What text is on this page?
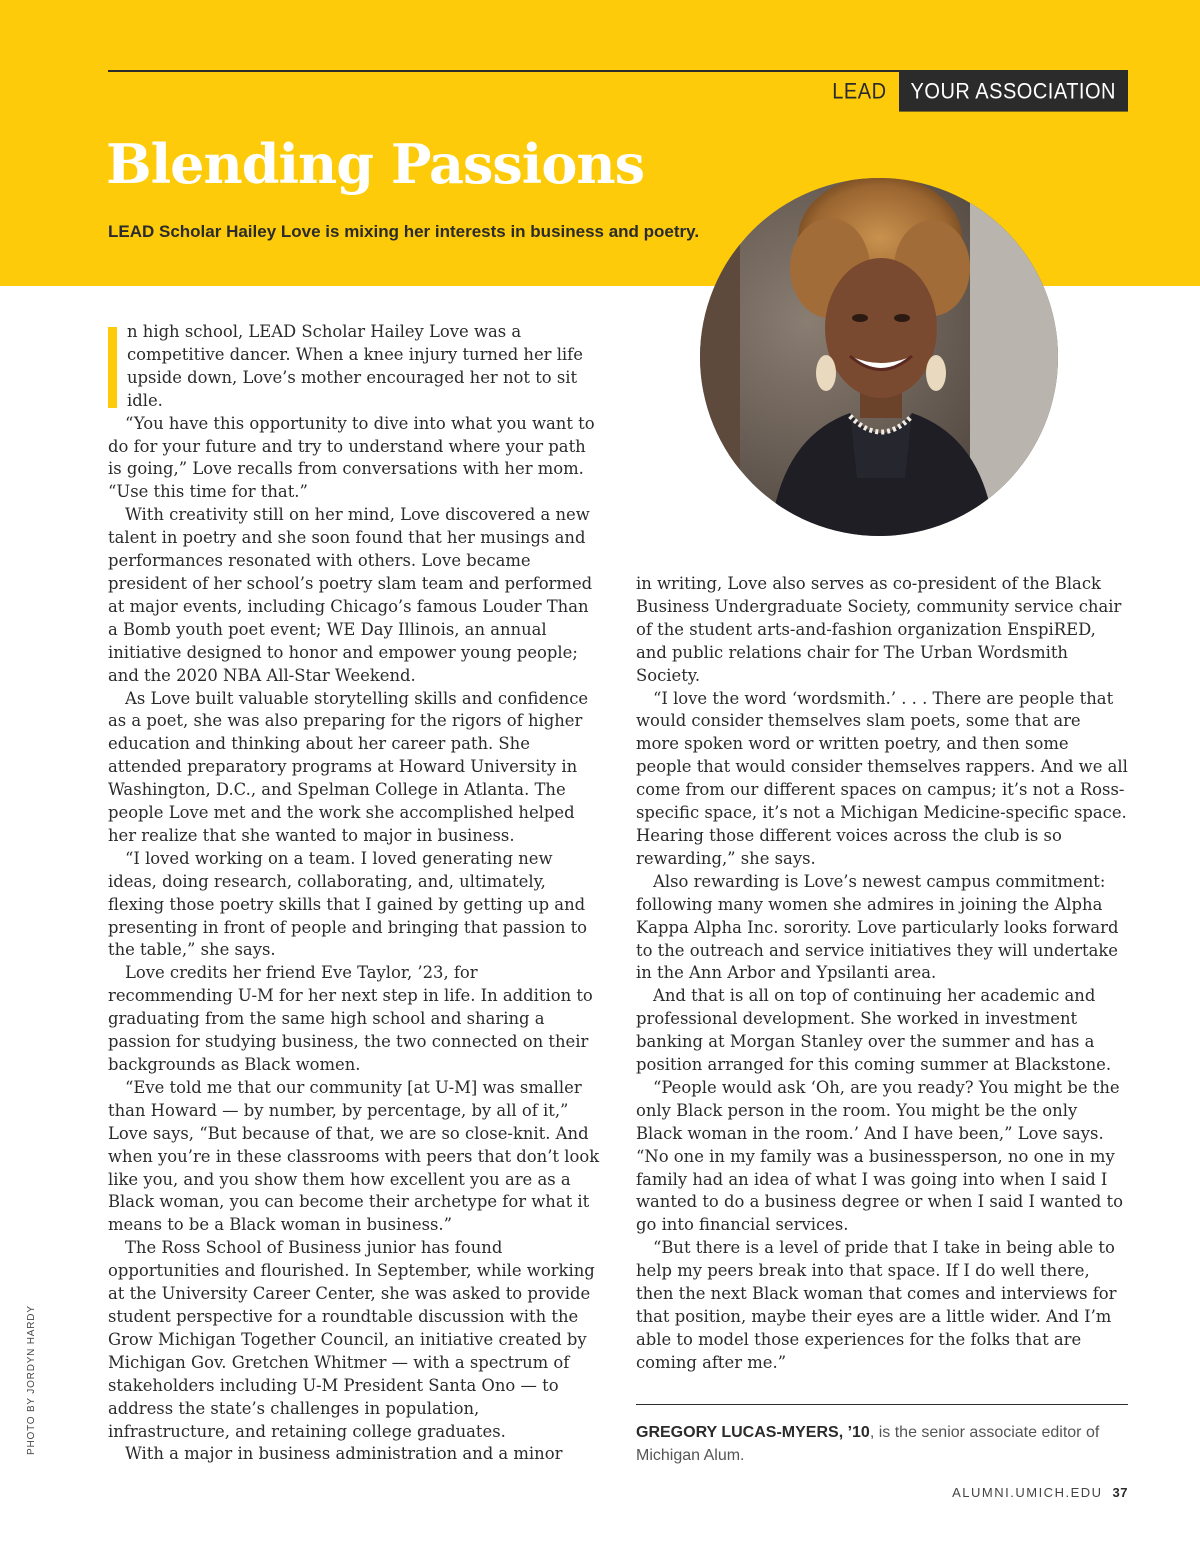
LEAD	YOUR ASSOCIATION
Blending Passions

LEAD Scholar Hailey Love is mixing her interests in business and poetry.

n high school, LEAD Scholar Hailey Love was a competitive dancer. When a knee injury turned her life upside down, Love’s mother encouraged her not to sit idle.

“You have this opportunity to dive into what you want to do for your future and try to understand where your path is going,” Love recalls from conversations with her mom. “Use this time for that.”

With creativity still on her mind, Love discovered a new talent in poetry and she soon found that her musings and performances resonated with others. Love became president of her school’s poetry slam team and performed at major events, including Chicago’s famous Louder Than a Bomb youth poet event; WE Day Illinois, an annual initiative designed to honor and empower young people; and the 2020 NBA All-Star Weekend.

As Love built valuable storytelling skills and confidence as a poet, she was also preparing for the rigors of higher education and thinking about her career path. She attended preparatory programs at Howard University in Washington, D.C., and Spelman College in Atlanta. The people Love met and the work she accomplished helped her realize that she wanted to major in business.

“I loved working on a team. I loved generating new ideas, doing research, collaborating, and, ultimately, flexing those poetry skills that I gained by getting up and presenting in front of people and bringing that passion to the table,” she says.

Love credits her friend Eve Taylor, ’23, for recommending U-M for her next step in life. In addition to graduating from the same high school and sharing a passion for studying business, the two connected on their backgrounds as Black women.

“Eve told me that our community [at U-M] was smaller than Howard — by number, by percentage, by all of it,” Love says, “But because of that, we are so close-knit. And when you’re in these classrooms with peers that don’t look like you, and you show them how excellent you are as a Black woman, you can become their archetype for what it means to be a Black woman in business.”

The Ross School of Business junior has found opportunities and flourished. In September, while working at the University Career Center, she was asked to provide student perspective for a roundtable discussion with the Grow Michigan Together Council, an initiative created by Michigan Gov. Gretchen Whitmer — with a spectrum of stakeholders including U-M President Santa Ono — to address the state’s challenges in population, infrastructure, and retaining college graduates.

With a major in business administration and a minor

in writing, Love also serves as co-president of the Black Business Undergraduate Society, community service chair of the student arts-and-fashion organization EnspiRED, and public relations chair for The Urban Wordsmith Society.

“I love the word ‘wordsmith.’ . . . There are people that would consider themselves slam poets, some that are more spoken word or written poetry, and then some people that would consider themselves rappers. And we all come from our different spaces on campus; it’s not a Ross-specific space, it’s not a Michigan Medicine-specific space. Hearing those different voices across the club is so rewarding,” she says.

Also rewarding is Love’s newest campus commitment: following many women she admires in joining the Alpha Kappa Alpha Inc. sorority. Love particularly looks forward to the outreach and service initiatives they will undertake in the Ann Arbor and Ypsilanti area.

And that is all on top of continuing her academic and professional development. She worked in investment banking at Morgan Stanley over the summer and has a position arranged for this coming summer at Blackstone.

“People would ask ‘Oh, are you ready? You might be the only Black person in the room. You might be the only Black woman in the room.’ And I have been,” Love says. “No one in my family was a businessperson, no one in my family had an idea of what I was going into when I said I wanted to do a business degree or when I said I wanted to go into financial services.

“But there is a level of pride that I take in being able to help my peers break into that space. If I do well there, then the next Black woman that comes and interviews for that position, maybe their eyes are a little wider. And I’m able to model those experiences for the folks that are coming after me.”

GREGORY LUCAS-MYERS, ’10, is the senior associate editor of Michigan Alum.
PHOTO BY JORDYN HARDY
ALUMNI.UMICH.EDU 37
